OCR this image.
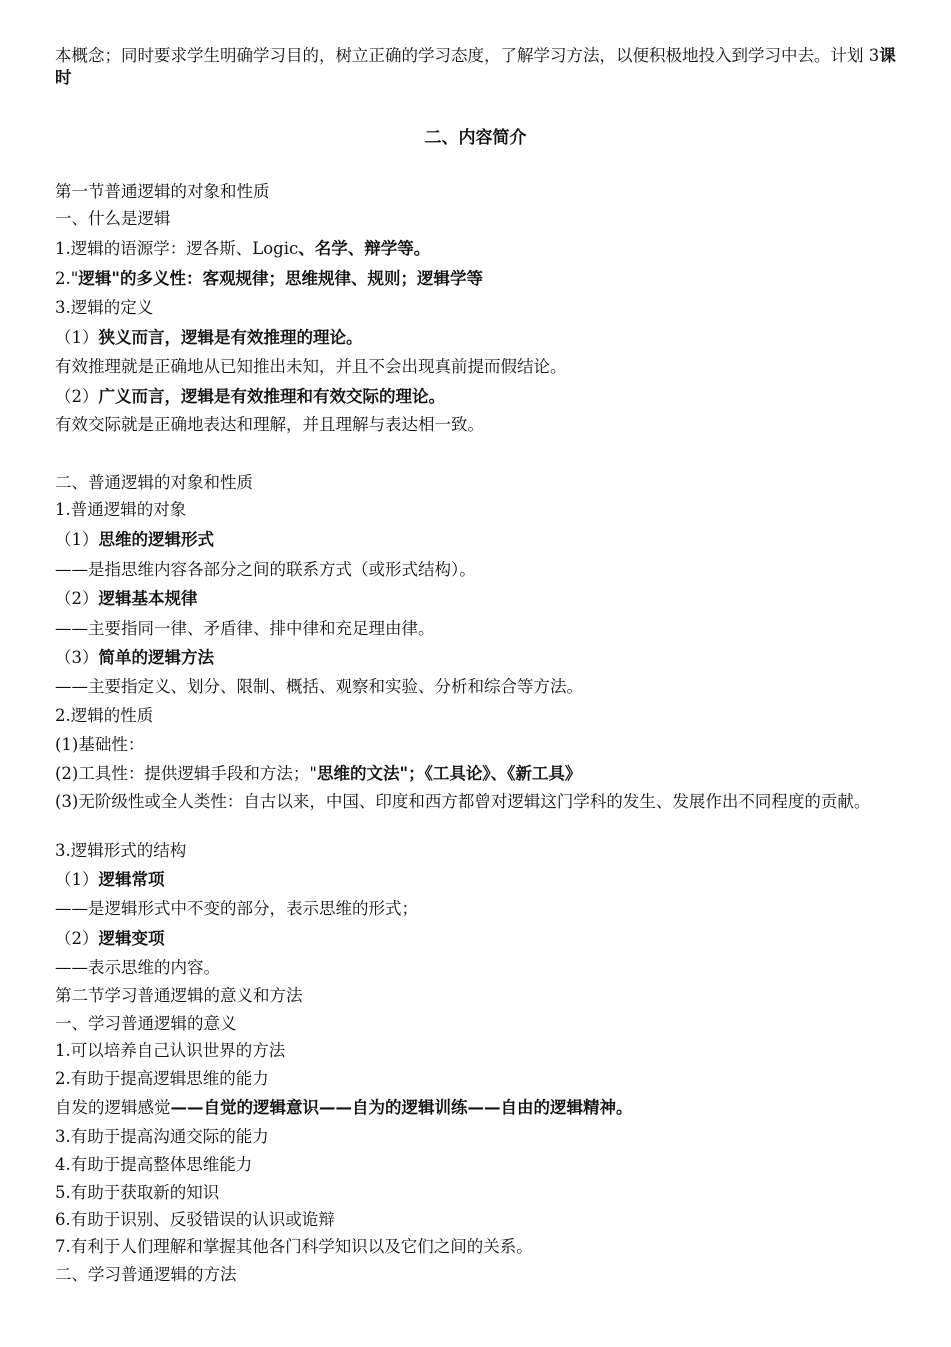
本概念；同时要求学生明确学习目的，树立正确的学习态度，了解学习方法，以便积极地投入到学习中去。计划 3课时
二、内容简介
第一节普通逻辑的对象和性质
一、什么是逻辑
1.逻辑的语源学：逻各斯、Logic、名学、辩学等。
2."逻辑"的多义性：客观规律；思维规律、规则；逻辑学等
3.逻辑的定义
（1）狭义而言，逻辑是有效推理的理论。
有效推理就是正确地从已知推出未知，并且不会出现真前提而假结论。
（2）广义而言，逻辑是有效推理和有效交际的理论。
有效交际就是正确地表达和理解，并且理解与表达相一致。
二、普通逻辑的对象和性质
1.普通逻辑的对象
（1）思维的逻辑形式
——是指思维内容各部分之间的联系方式（或形式结构）。
（2）逻辑基本规律
——主要指同一律、矛盾律、排中律和充足理由律。
（3）简单的逻辑方法
——主要指定义、划分、限制、概括、观察和实验、分析和综合等方法。
2.逻辑的性质
(1)基础性：
(2)工具性：提供逻辑手段和方法；"思维的文法"；《工具论》、《新工具》
(3)无阶级性或全人类性：自古以来，中国、印度和西方都曾对逻辑这门学科的发生、发展作出不同程度的贡献。
3.逻辑形式的结构
（1）逻辑常项
——是逻辑形式中不变的部分，表示思维的形式；
（2）逻辑变项
——表示思维的内容。
第二节学习普通逻辑的意义和方法
一、学习普通逻辑的意义
1.可以培养自己认识世界的方法
2.有助于提高逻辑思维的能力
自发的逻辑感觉——自觉的逻辑意识——自为的逻辑训练——自由的逻辑精神。
3.有助于提高沟通交际的能力
4.有助于提高整体思维能力
5.有助于获取新的知识
6.有助于识别、反驳错误的认识或诡辩
7.有利于人们理解和掌握其他各门科学知识以及它们之间的关系。
二、学习普通逻辑的方法
